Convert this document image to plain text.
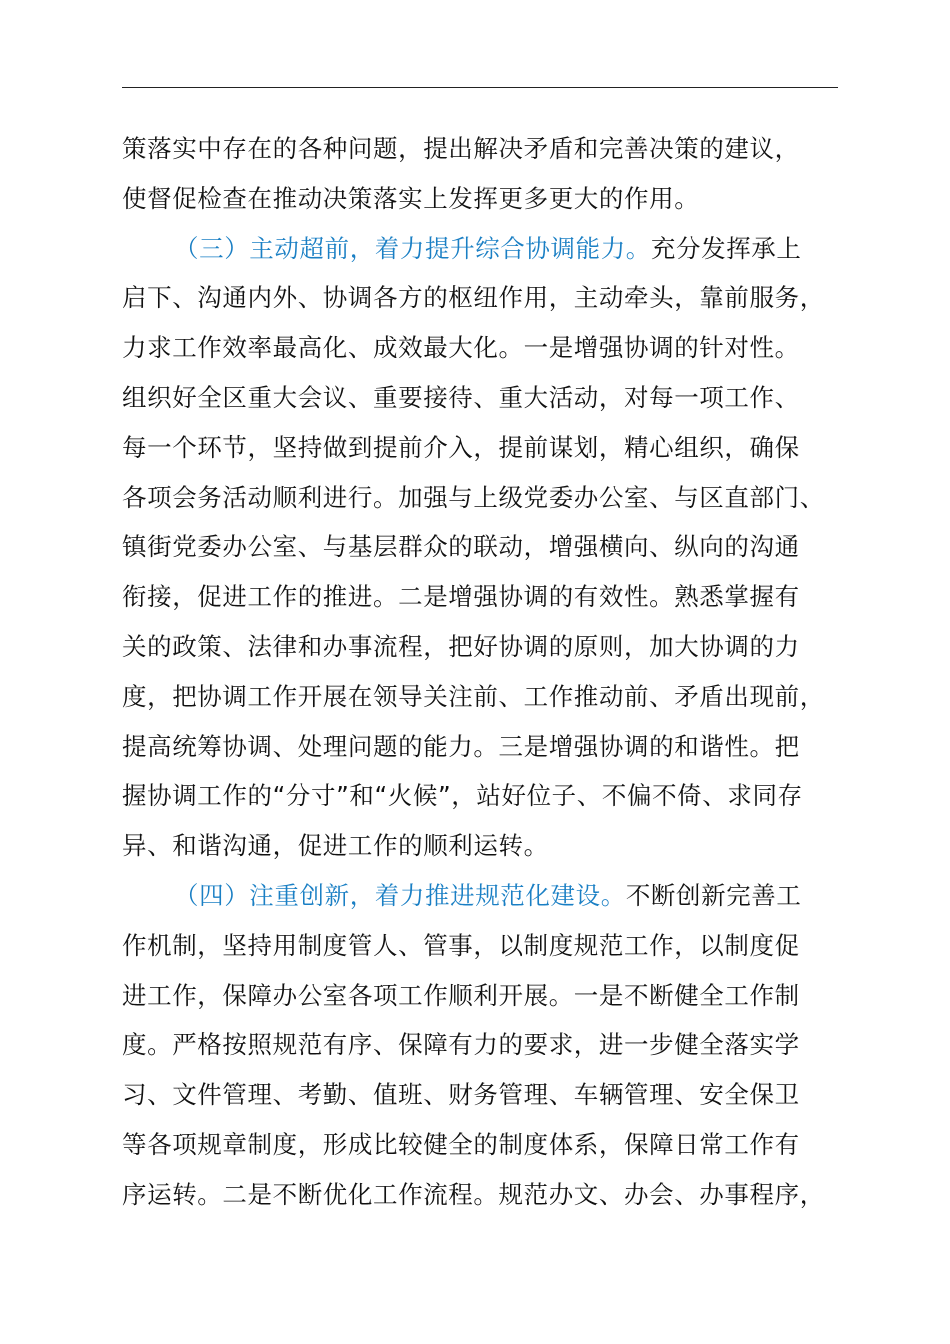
策落实中存在的各种问题，提出解决矛盾和完善决策的建议，
使督促检查在推动决策落实上发挥更多更大的作用。
（三）主动超前，着力提升综合协调能力。充分发挥承上
启下、沟通内外、协调各方的枢纽作用，主动牵头，靠前服务，
力求工作效率最高化、成效最大化。一是增强协调的针对性。
组织好全区重大会议、重要接待、重大活动，对每一项工作、
每一个环节，坚持做到提前介入，提前谋划，精心组织，确保
各项会务活动顺利进行。加强与上级党委办公室、与区直部门、
镇街党委办公室、与基层群众的联动，增强横向、纵向的沟通
衔接，促进工作的推进。二是增强协调的有效性。熟悉掌握有
关的政策、法律和办事流程，把好协调的原则，加大协调的力
度，把协调工作开展在领导关注前、工作推动前、矛盾出现前，
提高统筹协调、处理问题的能力。三是增强协调的和谐性。把
握协调工作的“分寸”和“火候”，站好位子、不偏不倚、求同存
异、和谐沟通，促进工作的顺利运转。
（四）注重创新，着力推进规范化建设。不断创新完善工
作机制，坚持用制度管人、管事，以制度规范工作，以制度促
进工作，保障办公室各项工作顺利开展。一是不断健全工作制
度。严格按照规范有序、保障有力的要求，进一步健全落实学
习、文件管理、考勤、值班、财务管理、车辆管理、安全保卫
等各项规章制度，形成比较健全的制度体系，保障日常工作有
序运转。二是不断优化工作流程。规范办文、办会、办事程序，
